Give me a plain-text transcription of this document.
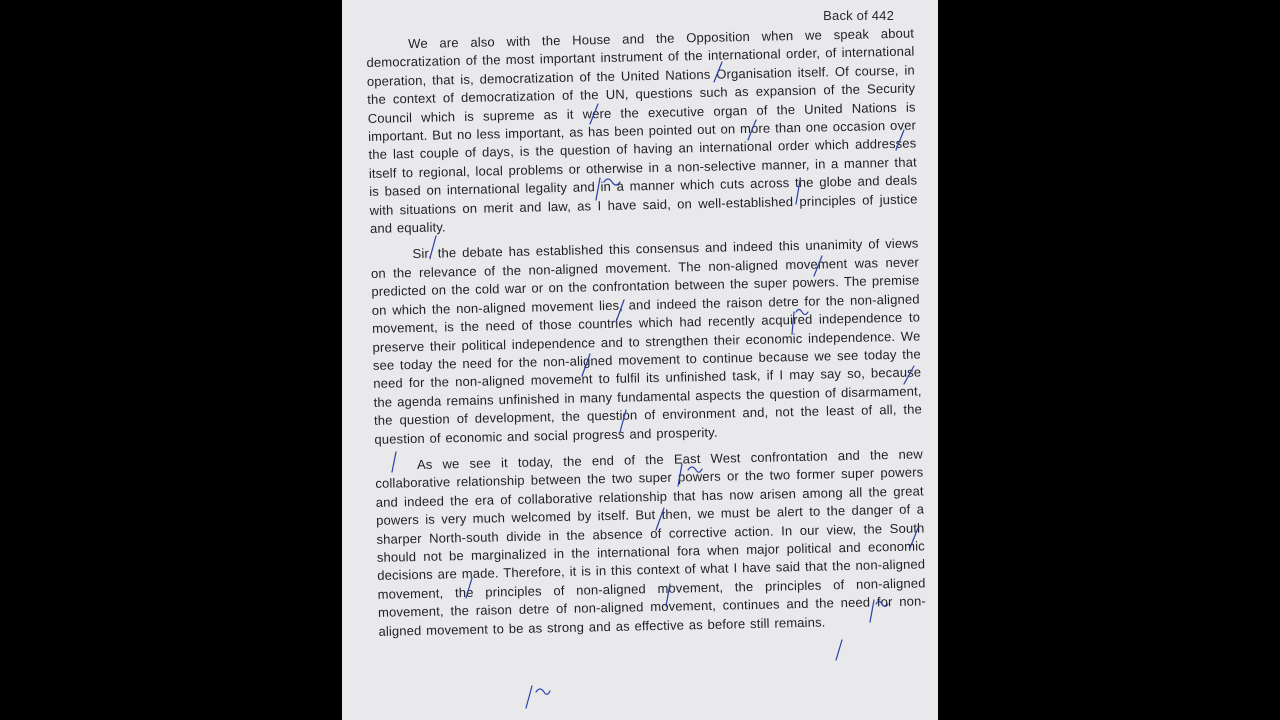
Back of 442

We are also with the House and the Opposition when we speak about democratization of the most important instrument of the international order, of international operation, that is, democratization of the United Nations Organisation itself. Of course, in the context of democratization of the UN, questions such as expansion of the Security Council which is supreme as it were the executive organ of the United Nations is important. But no less important, as has been pointed out on more than one occasion over the last couple of days, is the question of having an international order which addresses itself to regional, local problems or otherwise in a non-selective manner, in a manner that is based on international legality and in a manner which cuts across the globe and deals with situations on merit and law, as I have said, on well-established principles of justice and equality.

Sir, the debate has established this consensus and indeed this unanimity of views on the relevance of the non-aligned movement. The non-aligned movement was never predicted on the cold war or on the confrontation between the super powers. The premise on which the non-aligned movement lies, and indeed the raison detre for the non-aligned movement, is the need of those countries which had recently acquired independence to preserve their political independence and to strengthen their economic independence. We see today the need for the non-aligned movement to continue because we see today the need for the non-aligned movement to fulfil its unfinished task, if I may say so, because the agenda remains unfinished in many fundamental aspects the question of disarmament, the question of development, the question of environment and, not the least of all, the question of economic and social progress and prosperity.

As we see it today, the end of the East West confrontation and the new collaborative relationship between the two super powers or the two former super powers and indeed the era of collaborative relationship that has now arisen among all the great powers is very much welcomed by itself. But then, we must be alert to the danger of a sharper North-south divide in the absence of corrective action. In our view, the South should not be marginalized in the international fora when major political and economic decisions are made. Therefore, it is in this context of what I have said that the non-aligned movement, the principles of non-aligned movement, the principles of non-aligned movement, the raison detre of non-aligned movement, continues and the need for non-aligned movement to be as strong and as effective as before still remains.
